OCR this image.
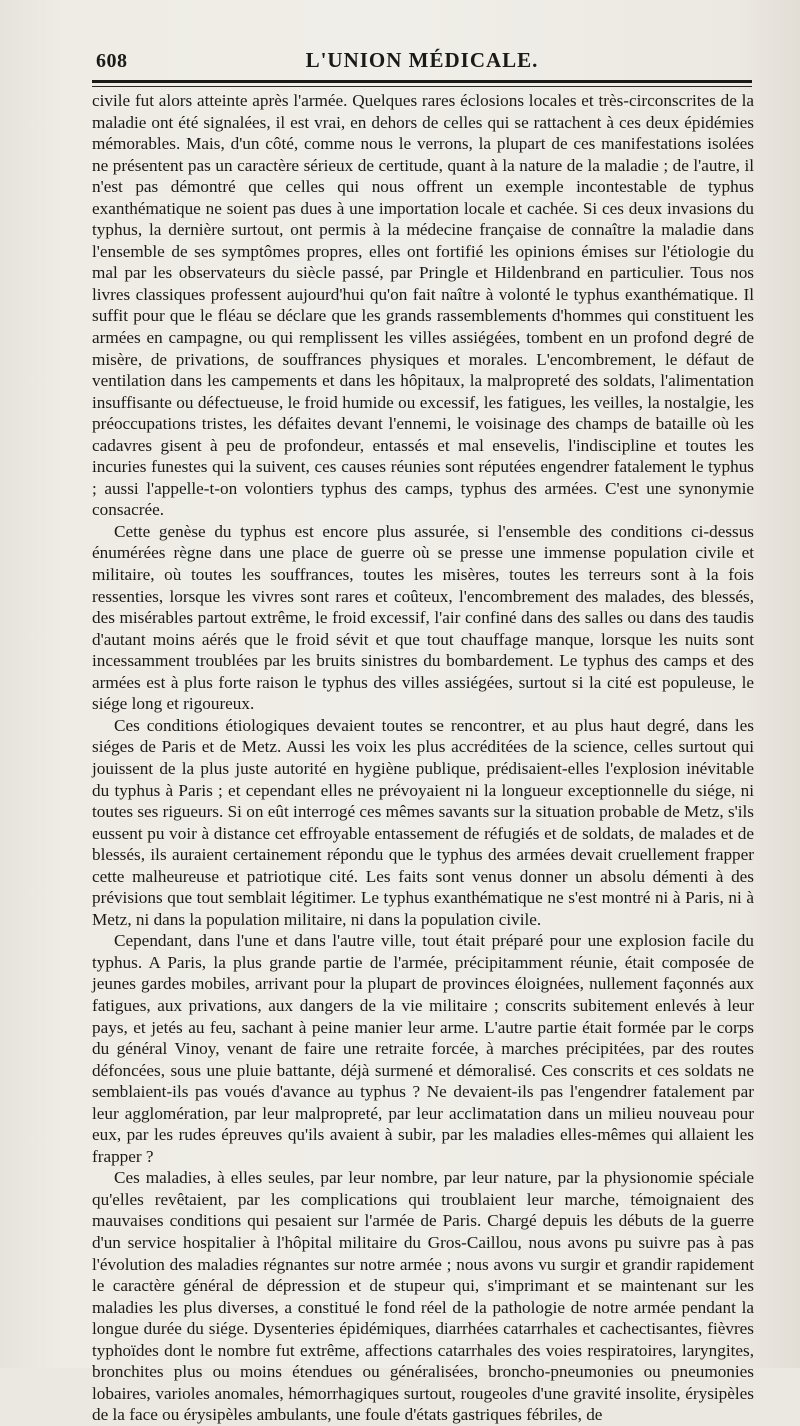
608	L'UNION MÉDICALE.

civile fut alors atteinte après l'armée. Quelques rares éclosions locales et très-circonscrites de la maladie ont été signalées, il est vrai, en dehors de celles qui se rattachent à ces deux épidémies mémorables. Mais, d'un côté, comme nous le verrons, la plupart de ces manifestations isolées ne présentent pas un caractère sérieux de certitude, quant à la nature de la maladie ; de l'autre, il n'est pas démontré que celles qui nous offrent un exemple incontestable de typhus exanthématique ne soient pas dues à une importation locale et cachée. Si ces deux invasions du typhus, la dernière surtout, ont permis à la médecine française de connaître la maladie dans l'ensemble de ses symptômes propres, elles ont fortifié les opinions émises sur l'étiologie du mal par les observateurs du siècle passé, par Pringle et Hildenbrand en particulier. Tous nos livres classiques professent aujourd'hui qu'on fait naître à volonté le typhus exanthématique. Il suffit pour que le fléau se déclare que les grands rassemblements d'hommes qui constituent les armées en campagne, ou qui remplissent les villes assiégées, tombent en un profond degré de misère, de privations, de souffrances physiques et morales. L'encombrement, le défaut de ventilation dans les campements et dans les hôpitaux, la malpropreté des soldats, l'alimentation insuffisante ou défectueuse, le froid humide ou excessif, les fatigues, les veilles, la nostalgie, les préoccupations tristes, les défaites devant l'ennemi, le voisinage des champs de bataille où les cadavres gisent à peu de profondeur, entassés et mal ensevelis, l'indiscipline et toutes les incuries funestes qui la suivent, ces causes réunies sont réputées engendrer fatalement le typhus ; aussi l'appelle-t-on volontiers typhus des camps, typhus des armées. C'est une synonymie consacrée.

Cette genèse du typhus est encore plus assurée, si l'ensemble des conditions ci-dessus énumérées règne dans une place de guerre où se presse une immense population civile et militaire, où toutes les souffrances, toutes les misères, toutes les terreurs sont à la fois ressenties, lorsque les vivres sont rares et coûteux, l'encombrement des malades, des blessés, des misérables partout extrême, le froid excessif, l'air confiné dans des salles ou dans des taudis d'autant moins aérés que le froid sévit et que tout chauffage manque, lorsque les nuits sont incessamment troublées par les bruits sinistres du bombardement. Le typhus des camps et des armées est à plus forte raison le typhus des villes assiégées, surtout si la cité est populeuse, le siége long et rigoureux.

Ces conditions étiologiques devaient toutes se rencontrer, et au plus haut degré, dans les siéges de Paris et de Metz. Aussi les voix les plus accréditées de la science, celles surtout qui jouissent de la plus juste autorité en hygiène publique, prédisaient-elles l'explosion inévitable du typhus à Paris ; et cependant elles ne prévoyaient ni la longueur exceptionnelle du siége, ni toutes ses rigueurs. Si on eût interrogé ces mêmes savants sur la situation probable de Metz, s'ils eussent pu voir à distance cet effroyable entassement de réfugiés et de soldats, de malades et de blessés, ils auraient certainement répondu que le typhus des armées devait cruellement frapper cette malheureuse et patriotique cité. Les faits sont venus donner un absolu démenti à des prévisions que tout semblait légitimer. Le typhus exanthématique ne s'est montré ni à Paris, ni à Metz, ni dans la population militaire, ni dans la population civile.

Cependant, dans l'une et dans l'autre ville, tout était préparé pour une explosion facile du typhus. A Paris, la plus grande partie de l'armée, précipitamment réunie, était composée de jeunes gardes mobiles, arrivant pour la plupart de provinces éloignées, nullement façonnés aux fatigues, aux privations, aux dangers de la vie militaire ; conscrits subitement enlevés à leur pays, et jetés au feu, sachant à peine manier leur arme. L'autre partie était formée par le corps du général Vinoy, venant de faire une retraite forcée, à marches précipitées, par des routes défoncées, sous une pluie battante, déjà surmené et démoralisé. Ces conscrits et ces soldats ne semblaient-ils pas voués d'avance au typhus ? Ne devaient-ils pas l'engendrer fatalement par leur agglomération, par leur malpropreté, par leur acclimatation dans un milieu nouveau pour eux, par les rudes épreuves qu'ils avaient à subir, par les maladies elles-mêmes qui allaient les frapper ?

Ces maladies, à elles seules, par leur nombre, par leur nature, par la physionomie spéciale qu'elles revêtaient, par les complications qui troublaient leur marche, témoignaient des mauvaises conditions qui pesaient sur l'armée de Paris. Chargé depuis les débuts de la guerre d'un service hospitalier à l'hôpital militaire du Gros-Caillou, nous avons pu suivre pas à pas l'évolution des maladies régnantes sur notre armée ; nous avons vu surgir et grandir rapidement le caractère général de dépression et de stupeur qui, s'imprimant et se maintenant sur les maladies les plus diverses, a constitué le fond réel de la pathologie de notre armée pendant la longue durée du siége. Dysenteries épidémiques, diarrhées catarrhales et cachectisantes, fièvres typhoïdes dont le nombre fut extrême, affections catarrhales des voies respiratoires, laryngites, bronchites plus ou moins étendues ou généralisées, broncho-pneumonies ou pneumonies lobaires, varioles anomales, hémorrhagiques surtout, rougeoles d'une gravité insolite, érysipèles de la face ou érysipèles ambulants, une foule d'états gastriques fébriles, de
